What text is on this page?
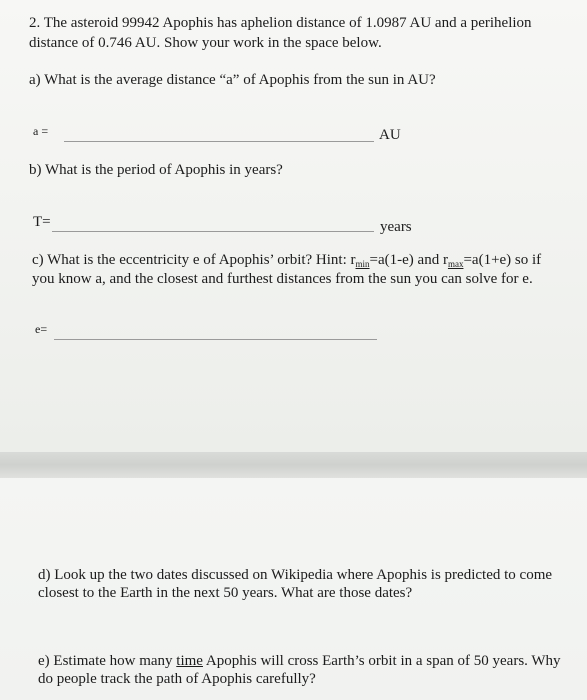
2. The asteroid 99942 Apophis has aphelion distance of 1.0987 AU and a perihelion
distance of 0.746 AU. Show your work in the space below.
a) What is the average distance “a” of Apophis from the sun in AU?
a =	AU
b) What is the period of Apophis in years?
T=	years
c) What is the eccentricity e of Apophis’ orbit? Hint: $r_{min}=a(1-e)$ and $r_{max}=a(1+e)$ so if
you know a, and the closest and furthest distances from the sun you can solve for e.
e=
d) Look up the two dates discussed on Wikipedia where Apophis is predicted to come
closest to the Earth in the next 50 years. What are those dates?
e) Estimate how many time Apophis will cross Earth’s orbit in a span of 50 years. Why
do people track the path of Apophis carefully?
